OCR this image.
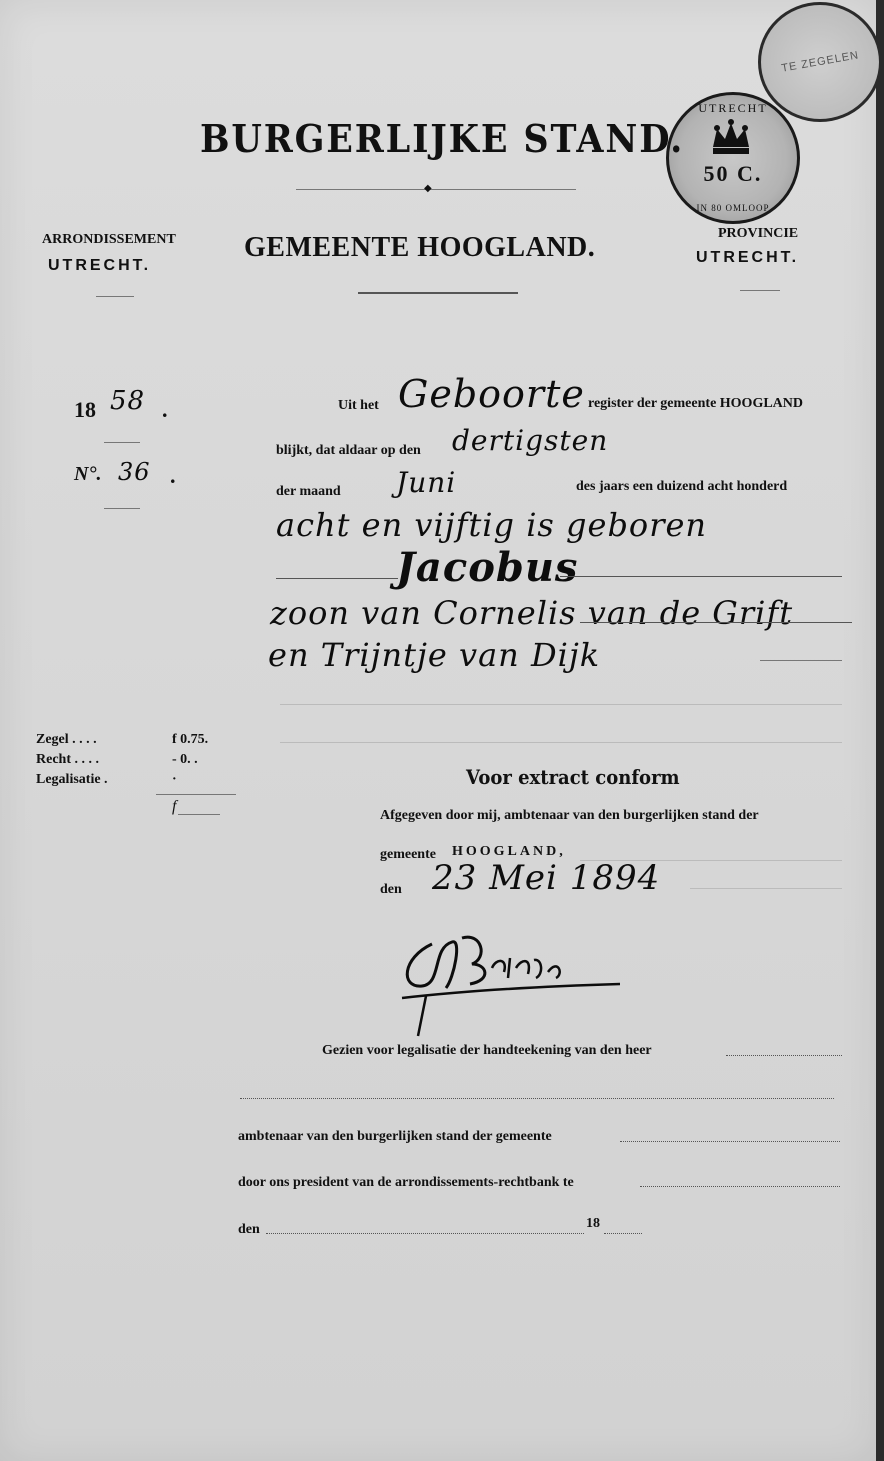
TE ZEGELEN
UTRECHT
50 C.
IN 80 OMLOOP
BURGERLIJKE STAND.
◆
ARRONDISSEMENT
UTRECHT.
GEMEENTE HOOGLAND.	PROVINCIE
UTRECHT.
18 58 .
N°. 36 .
Uit het Geboorte register der gemeente HOOGLAND
blijkt, dat aldaar op den dertigsten
der maand Juni	des jaars een duizend acht honderd
acht en vijftig is geboren
Jacobus
zoon van Cornelis van de Grift
en Trijntje van Dijk
Zegel . . . .	f 0.75.
Recht . . . .	- 0. .
Legalisatie .	·
f
Voor extract conform
Afgegeven door mij, ambtenaar van den burgerlijken stand der
gemeente HOOGLAND,
den 23 Mei 1894
Gezien voor legalisatie der handteekening van den heer
ambtenaar van den burgerlijken stand der gemeente
door ons president van de arrondissements-rechtbank te
den	18
